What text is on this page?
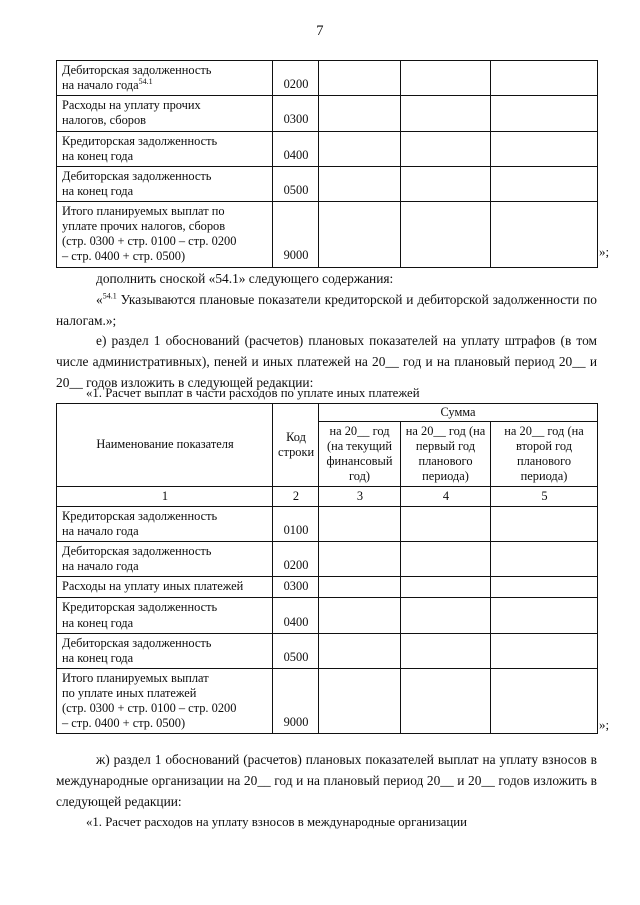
7
Дебиторская задолженность
на начало года$^{54.1}$	0200			

Расходы на уплату прочих
налогов, сборов	0300			

Кредиторская задолженность
на конец года	0400			

Дебиторская задолженность
на конец года	0500			

Итого планируемых выплат по
уплате прочих налогов, сборов
(стр. 0300 + стр. 0100 – стр. 0200
– стр. 0400 + стр. 0500)	9000				»;
дополнить сноской «54.1» следующего содержания:
«$^{54.1}$ Указываются плановые показатели кредиторской и дебиторской задолженности по налогам.»;
е) раздел 1 обоснований (расчетов) плановых показателей на уплату штрафов (в том числе административных), пеней и иных платежей на 20__ год и на плановый период 20__ и 20__ годов изложить в следующей редакции:
«1. Расчет выплат в части расходов по уплате иных платежей
Наименование показателя	Код строки	Сумма		
		на 20__ год (на текущий финансовый год)	на 20__ год (на первый год планового периода)	на 20__ год (на второй год планового периода)
1	2	3	4	5

Кредиторская задолженность
на начало года	0100			

Дебиторская задолженность
на начало года	0200			

Расходы на уплату иных платежей	0300			

Кредиторская задолженность
на конец года	0400			

Дебиторская задолженность
на конец года	0500			

Итого планируемых выплат
по уплате иных платежей
(стр. 0300 + стр. 0100 – стр. 0200
– стр. 0400 + стр. 0500)	9000				»;
ж) раздел 1 обоснований (расчетов) плановых показателей выплат на уплату взносов в международные организации на 20__ год и на плановый период 20__ и 20__ годов изложить в следующей редакции:
«1. Расчет расходов на уплату взносов в международные организации
